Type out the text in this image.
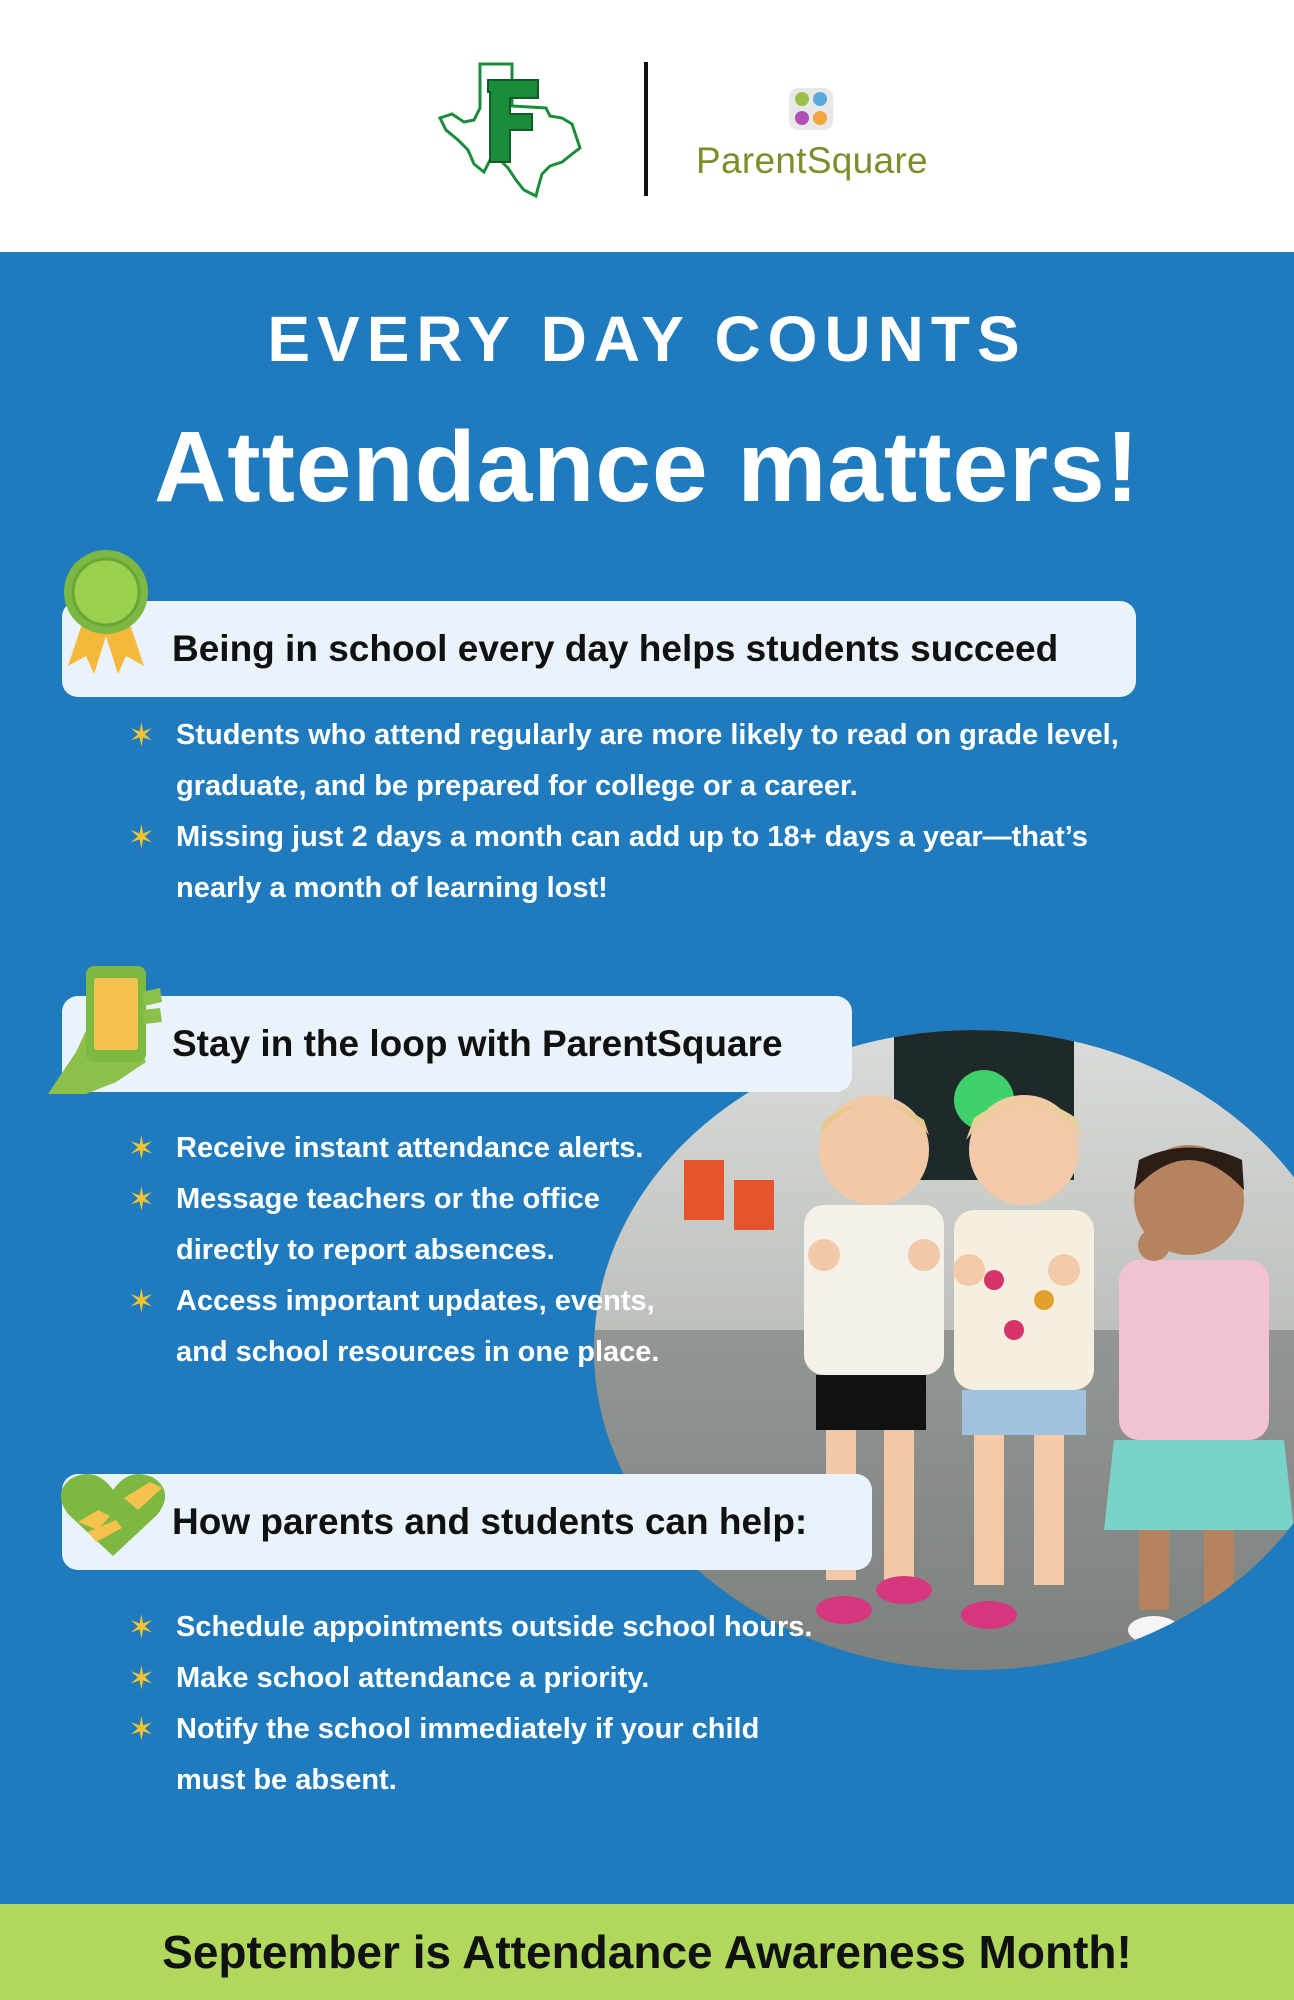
ParentSquare
EVERY DAY COUNTS
Attendance matters!
Being in school every day helps students succeed
✶ Students who attend regularly are more likely to read on grade level,
graduate, and be prepared for college or a career.
✶ Missing just 2 days a month can add up to 18+ days a year—that’s
nearly a month of learning lost!
Stay in the loop with ParentSquare
✶ Receive instant attendance alerts.
✶ Message teachers or the office
directly to report absences.
✶ Access important updates, events,
and school resources in one place.
How parents and students can help:
✶ Schedule appointments outside school hours.
✶ Make school attendance a priority.
✶ Notify the school immediately if your child
must be absent.
September is Attendance Awareness Month!
